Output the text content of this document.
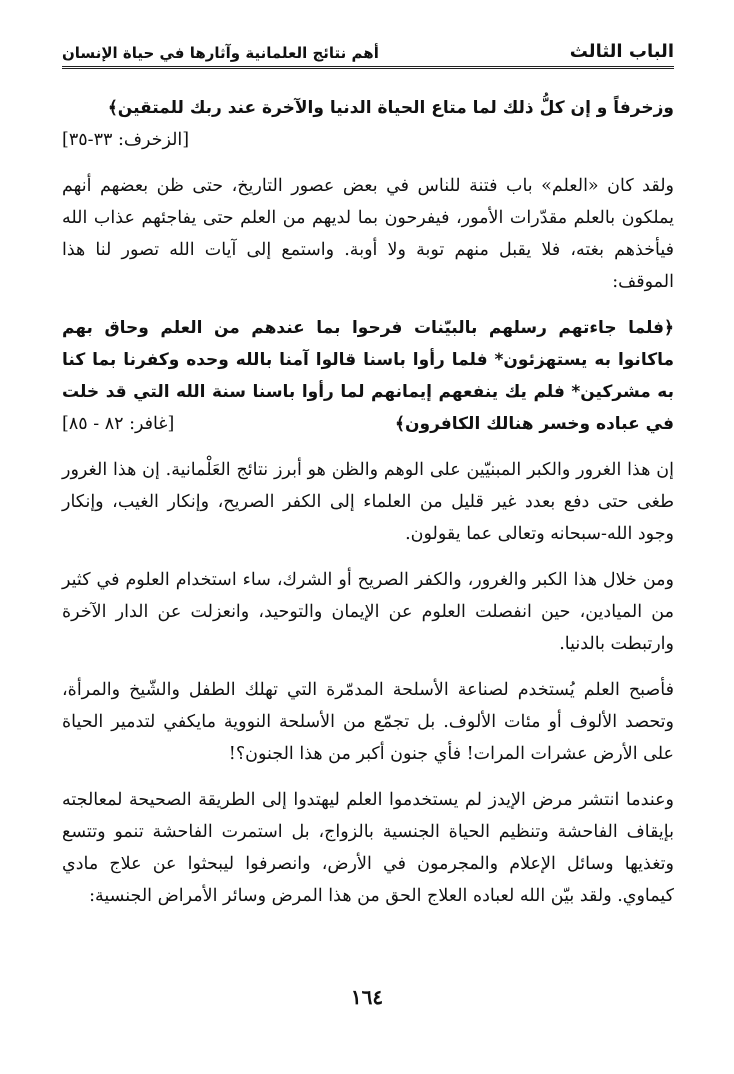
الباب الثالث
أهم نتائج العلمانية وآثارها في حياة الإنسان

وزخرفاً و إن كلُّ ذلك لما متاع الحياة الدنيا والآخرة عند ربك للمتقين﴾
[الزخرف: ٣٣-٣٥]

ولقد كان «العلم» باب فتنة للناس في بعض عصور التاريخ، حتى ظن بعضهم أنهم يملكون بالعلم مقدّرات الأمور، فيفرحون بما لديهم من العلم حتى يفاجئهم عذاب الله فيأخذهم بغته، فلا يقبل منهم توبة ولا أوبة. واستمع إلى آيات الله تصور لنا هذا الموقف:

﴿فلما جاءتهم رسلهم بالبيّنات فرحوا بما عندهم من العلم وحاق بهم ماكانوا به يستهزئون* فلما رأوا باسنا قالوا آمنا بالله وحده وكفرنا بما كنا به مشركين* فلم يك ينفعهم إيمانهم لما رأوا باسنا سنة الله التي قد خلت في عباده وخسر هنالك الكافرون﴾
[غافر: ٨٢ - ٨٥]

إن هذا الغرور والكبر المبنيّين على الوهم والظن هو أبرز نتائج العَلْمانية. إن هذا الغرور طغى حتى دفع بعدد غير قليل من العلماء إلى الكفر الصريح، وإنكار الغيب، وإنكار وجود الله-سبحانه وتعالى عما يقولون.

ومن خلال هذا الكبر والغرور، والكفر الصريح أو الشرك، ساء استخدام العلوم في كثير من الميادين، حين انفصلت العلوم عن الإيمان والتوحيد، وانعزلت عن الدار الآخرة وارتبطت بالدنيا.

فأصبح العلم يُستخدم لصناعة الأسلحة المدمّرة التي تهلك الطفل والشّيخ والمرأة، وتحصد الألوف أو مئات الألوف. بل تجمّع من الأسلحة النووية مايكفي لتدمير الحياة على الأرض عشرات المرات! فأي جنون أكبر من هذا الجنون؟!

وعندما انتشر مرض الإيدز لم يستخدموا العلم ليهتدوا إلى الطريقة الصحيحة لمعالجته بإيقاف الفاحشة وتنظيم الحياة الجنسية بالزواج، بل استمرت الفاحشة تنمو وتتسع وتغذيها وسائل الإعلام والمجرمون في الأرض، وانصرفوا ليبحثوا عن علاج مادي كيماوي. ولقد بيّن الله لعباده العلاج الحق من هذا المرض وسائر الأمراض الجنسية:

١٦٤
